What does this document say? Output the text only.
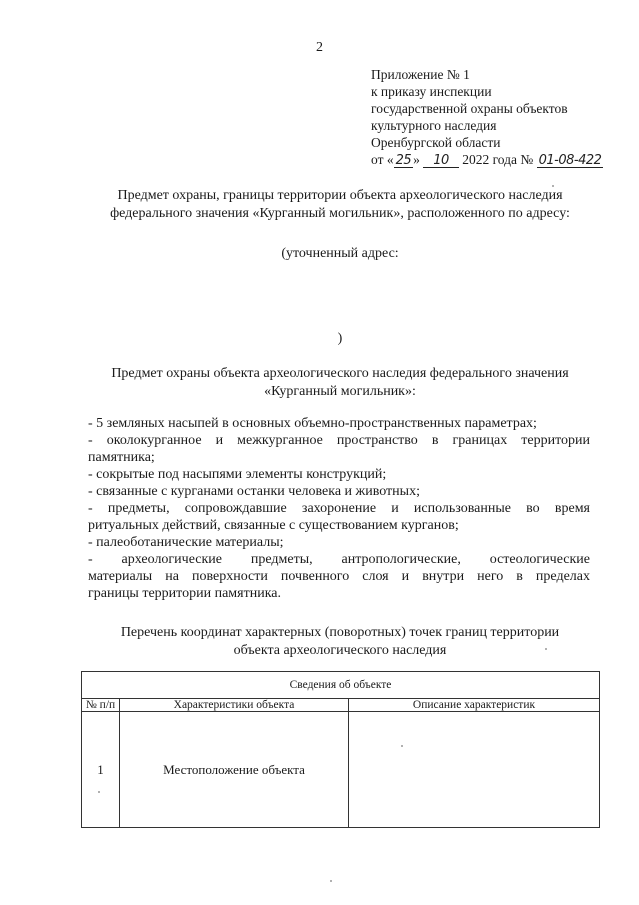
2
Приложение № 1
к приказу инспекции
государственной охраны объектов
культурного наследия
Оренбургской области
от « 25 » 10 2022 года № 01-08-422
Предмет охраны, границы территории объекта археологического наследия
федерального значения «Курганный могильник», расположенного по адресу:
(уточненный адрес:
)
Предмет охраны объекта археологического наследия федерального значения
«Курганный могильник»:
- 5 земляных насыпей в основных объемно-пространственных параметрах;
- околокурганное и межкурганное пространство в границах территории
памятника;
- сокрытые под насыпями элементы конструкций;
- связанные с курганами останки человека и животных;
- предметы, сопровождавшие захоронение и использованные во время
ритуальных действий, связанные с существованием курганов;
- палеоботанические материалы;
- археологические предметы, антропологические, остеологические
материалы на поверхности почвенного слоя и внутри него в пределах
границы территории памятника.
Перечень координат характерных (поворотных) точек границ территории
объекта археологического наследия
Сведения об объекте		
№ п/п	Характеристики объекта	Описание характеристик
1	Местоположение объекта	
